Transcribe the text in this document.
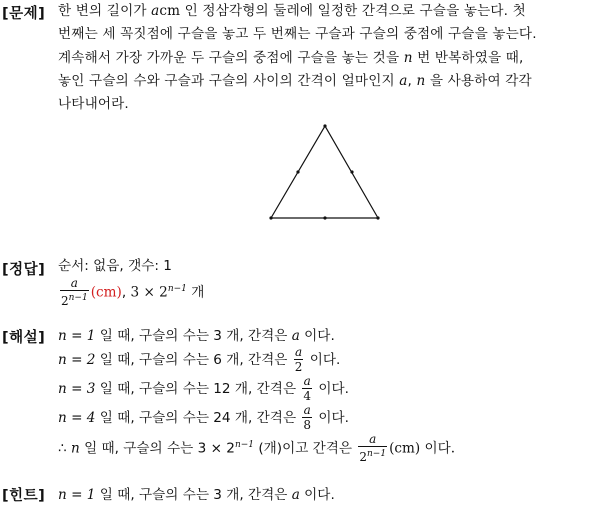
[문제] 한 변의 길이가 acm 인 정삼각형의 둘레에 일정한 간격으로 구슬을 놓는다. 첫
번째는 세 꼭짓점에 구슬을 놓고 두 번째는 구슬과 구슬의 중점에 구슬을 놓는다.
계속해서 가장 가까운 두 구슬의 중점에 구슬을 놓는 것을 n 번 반복하였을 때,
놓인 구슬의 수와 구슬과 구슬의 사이의 간격이 얼마인지 a, n 을 사용하여 각각
나타내어라.
[정답] 순서: 없음, 갯수: 1
$\frac{a}{2^{n-1}} (cm)$, $3 \times 2^{n-1}$ 개
[해설] n = 1 일 때, 구슬의 수는 3 개, 간격은 a 이다.
n = 2 일 때, 구슬의 수는 6 개, 간격은 $\frac{a}{2}$ 이다.
n = 3 일 때, 구슬의 수는 12 개, 간격은 $\frac{a}{4}$ 이다.
n = 4 일 때, 구슬의 수는 24 개, 간격은 $\frac{a}{8}$ 이다.
∴ n 일 때, 구슬의 수는 $3 \times 2^{n-1}$ (개)이고 간격은 $\frac{a}{2^{n-1}} (cm)$ 이다.
[힌트] n = 1 일 때, 구슬의 수는 3 개, 간격은 a 이다.
